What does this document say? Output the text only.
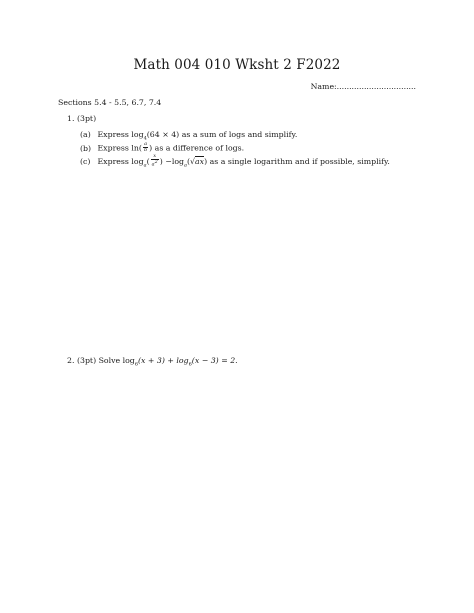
Math 004 010 Wksht 2 F2022
Name:................................
Sections 5.4 - 5.5, 6.7, 7.4
1. (3pt)
(a) Express $\log_4(64 \times 4)$ as a sum of logs and simplify.
(b) Express $\ln( \frac{a}{b}$ ) as a difference of logs.
(c) Express $\log_a( \frac{x}{a^2}$ ) $-\log_a(√ax)$ as a single logarithm and if possible, simplify.
2. (3pt) Solve $\log_6(x + 3) + \log_6(x - 3) = 2$.
